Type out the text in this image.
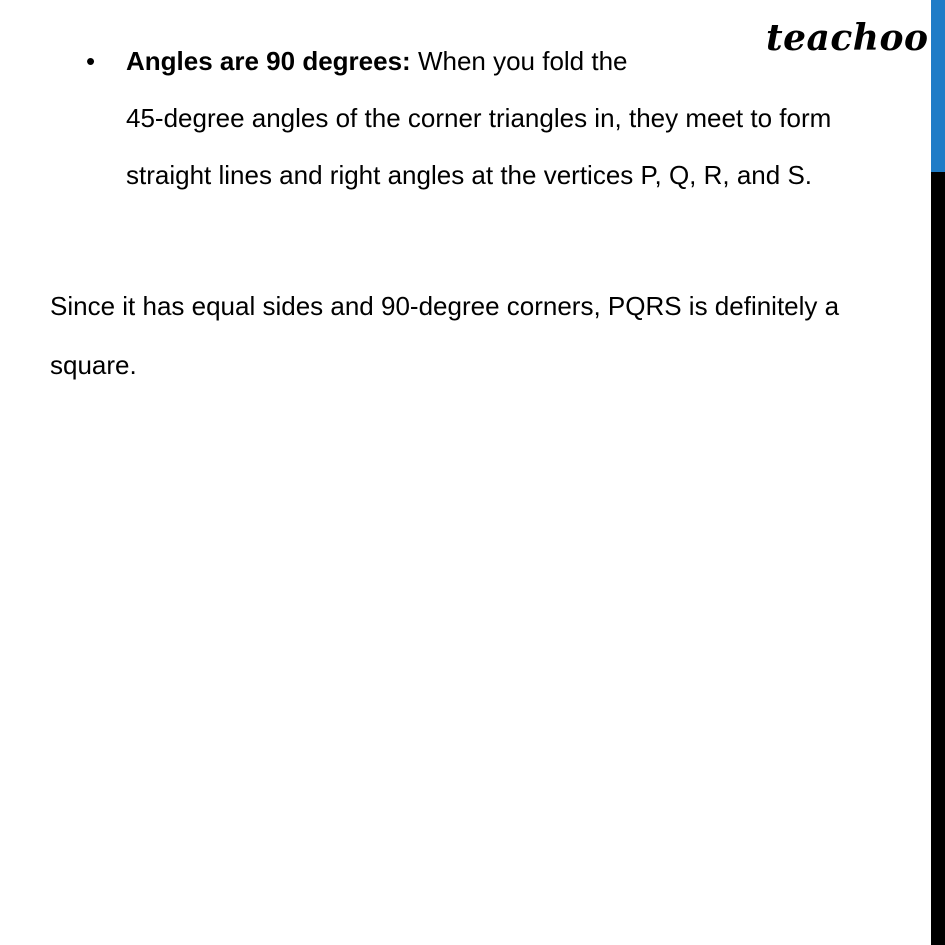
teachoo
• Angles are 90 degrees: When you fold the
45-degree angles of the corner triangles in, they meet to form
straight lines and right angles at the vertices P, Q, R, and S.
Since it has equal sides and 90-degree corners, PQRS is definitely a
square.
